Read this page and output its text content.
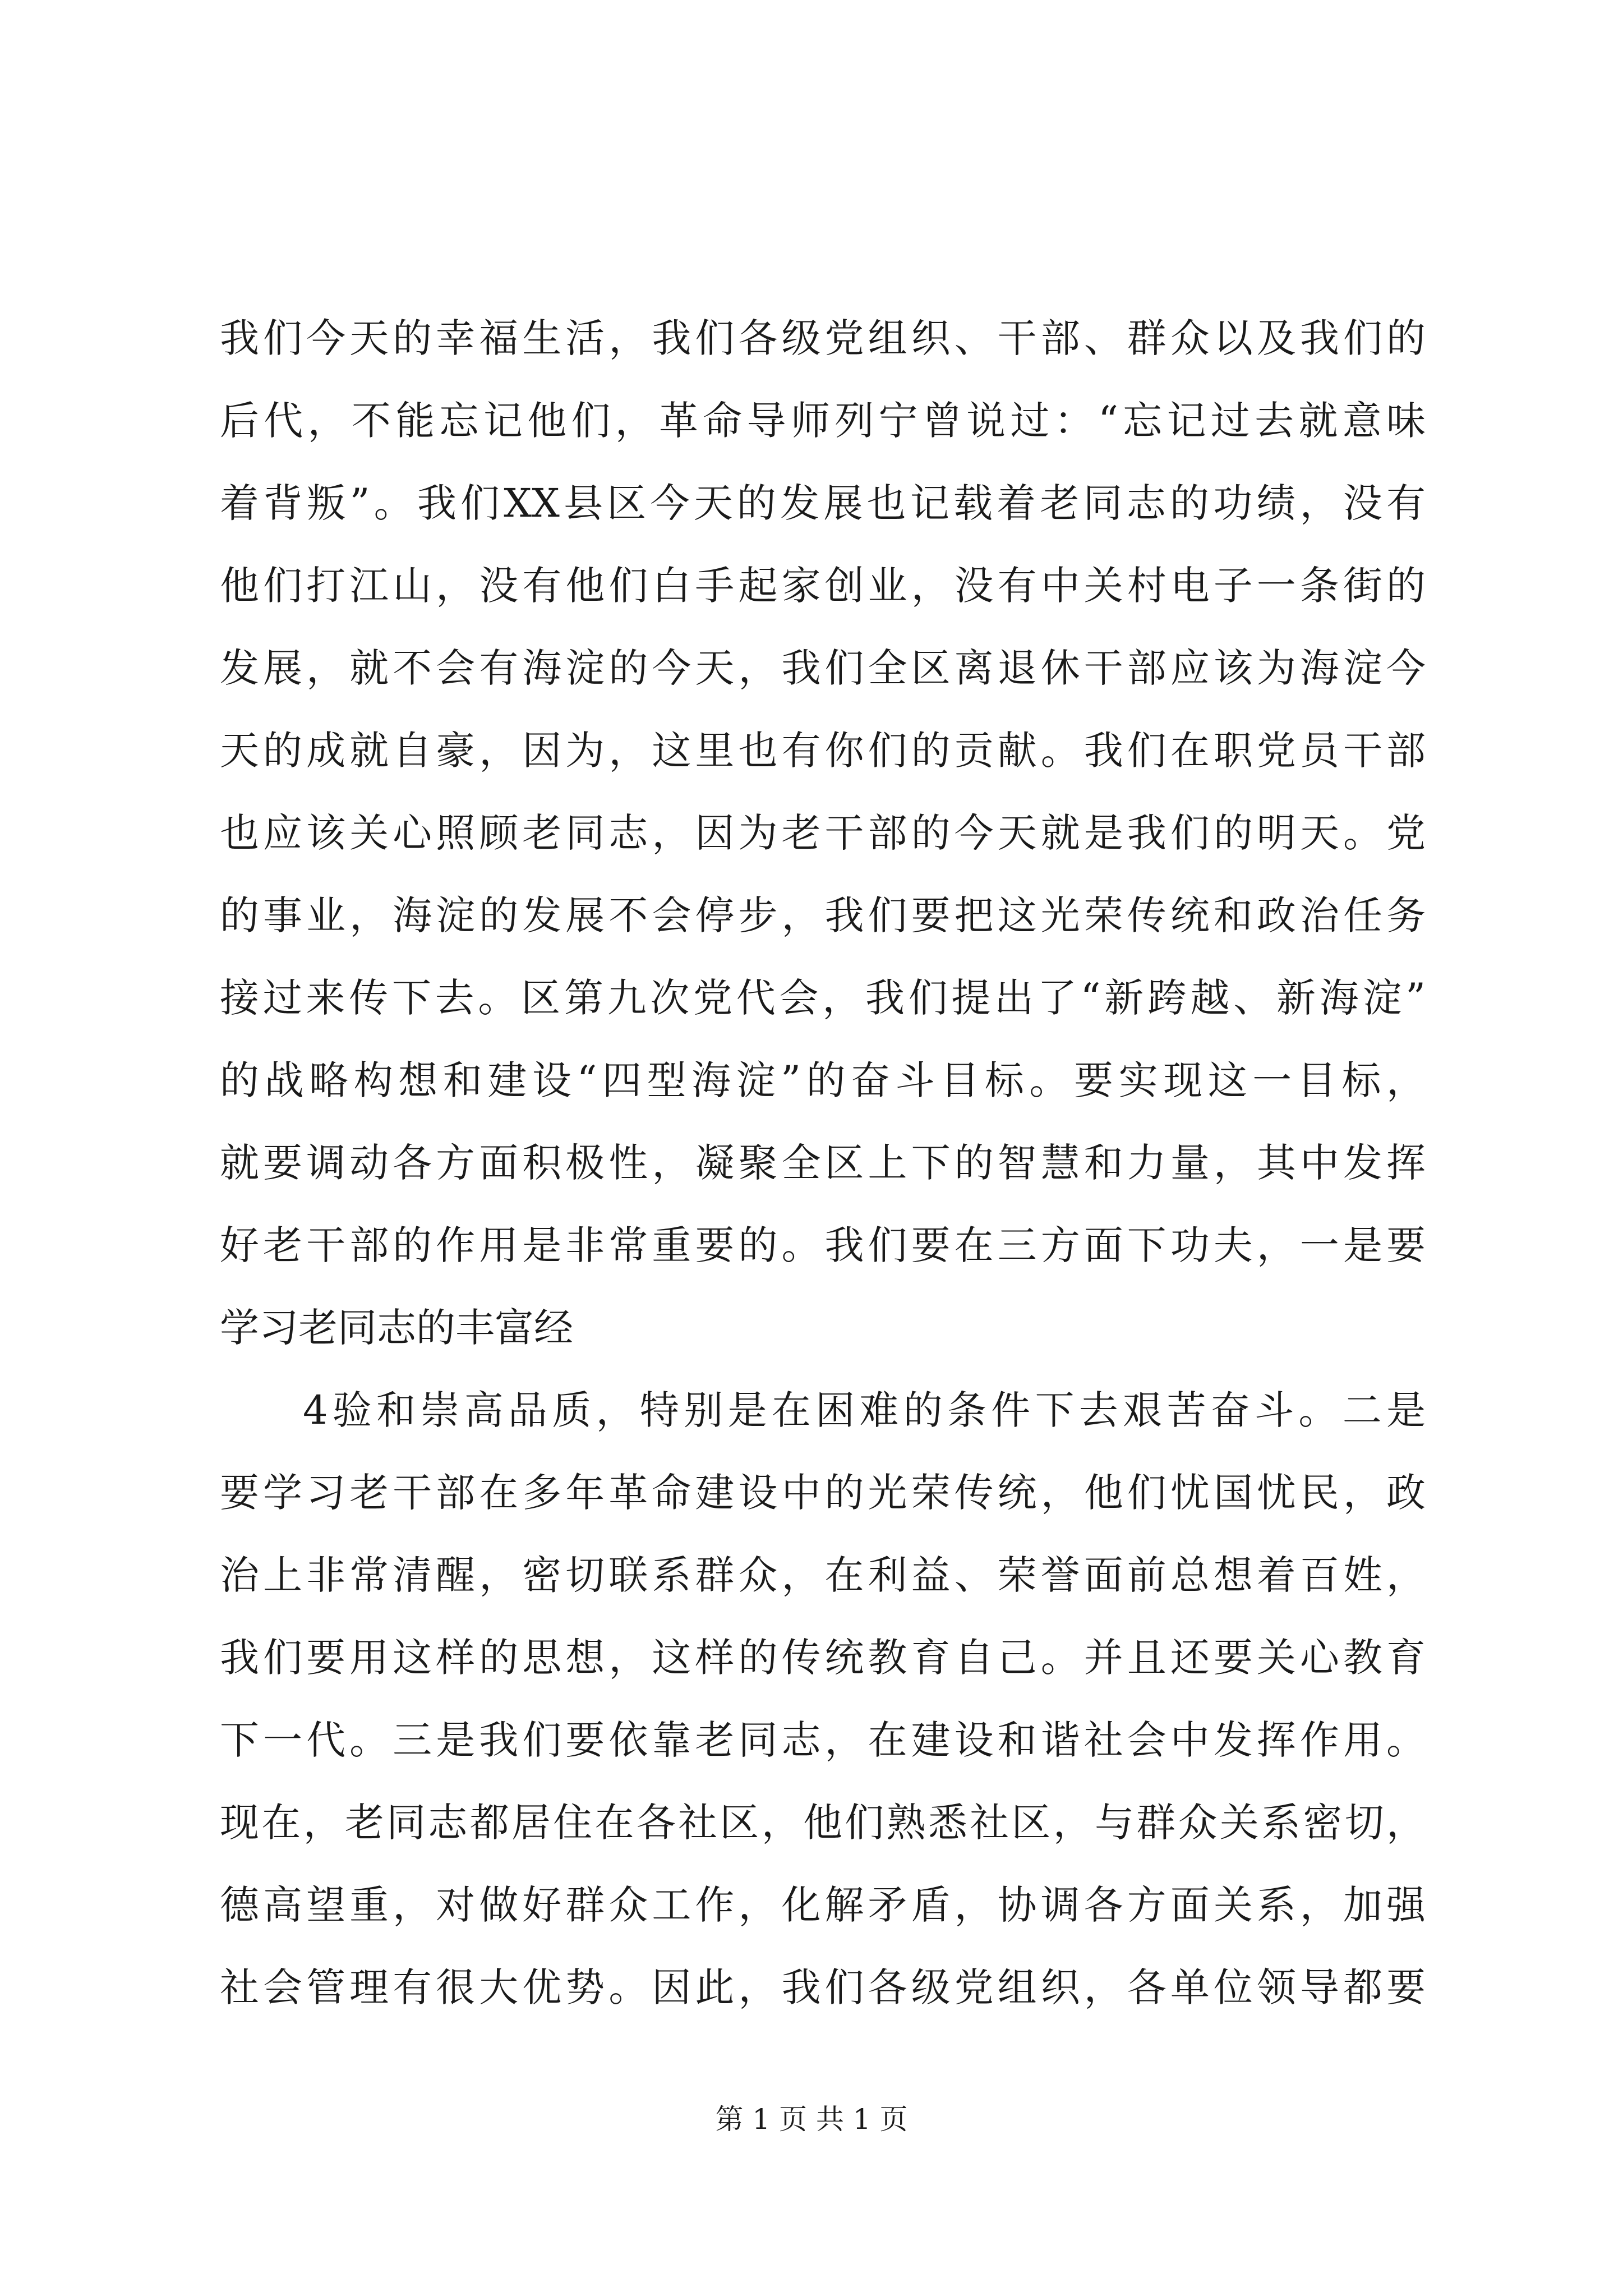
我们今天的幸福生活，我们各级党组织、干部、群众以及我们的
后代，不能忘记他们，革命导师列宁曾说过：“忘记过去就意味
着背叛”。我们XX县区今天的发展也记载着老同志的功绩，没有
他们打江山，没有他们白手起家创业，没有中关村电子一条街的
发展，就不会有海淀的今天，我们全区离退休干部应该为海淀今
天的成就自豪，因为，这里也有你们的贡献。我们在职党员干部
也应该关心照顾老同志，因为老干部的今天就是我们的明天。党
的事业，海淀的发展不会停步，我们要把这光荣传统和政治任务
接过来传下去。区第九次党代会，我们提出了“新跨越、新海淀”
的战略构想和建设“四型海淀”的奋斗目标。要实现这一目标，
就要调动各方面积极性，凝聚全区上下的智慧和力量，其中发挥
好老干部的作用是非常重要的。我们要在三方面下功夫，一是要
学习老同志的丰富经
4验和崇高品质，特别是在困难的条件下去艰苦奋斗。二是
要学习老干部在多年革命建设中的光荣传统，他们忧国忧民，政
治上非常清醒，密切联系群众，在利益、荣誉面前总想着百姓，
我们要用这样的思想，这样的传统教育自己。并且还要关心教育
下一代。三是我们要依靠老同志，在建设和谐社会中发挥作用。
现在，老同志都居住在各社区，他们熟悉社区，与群众关系密切，
德高望重，对做好群众工作，化解矛盾，协调各方面关系，加强
社会管理有很大优势。因此，我们各级党组织，各单位领导都要
第 1 页 共 1 页
